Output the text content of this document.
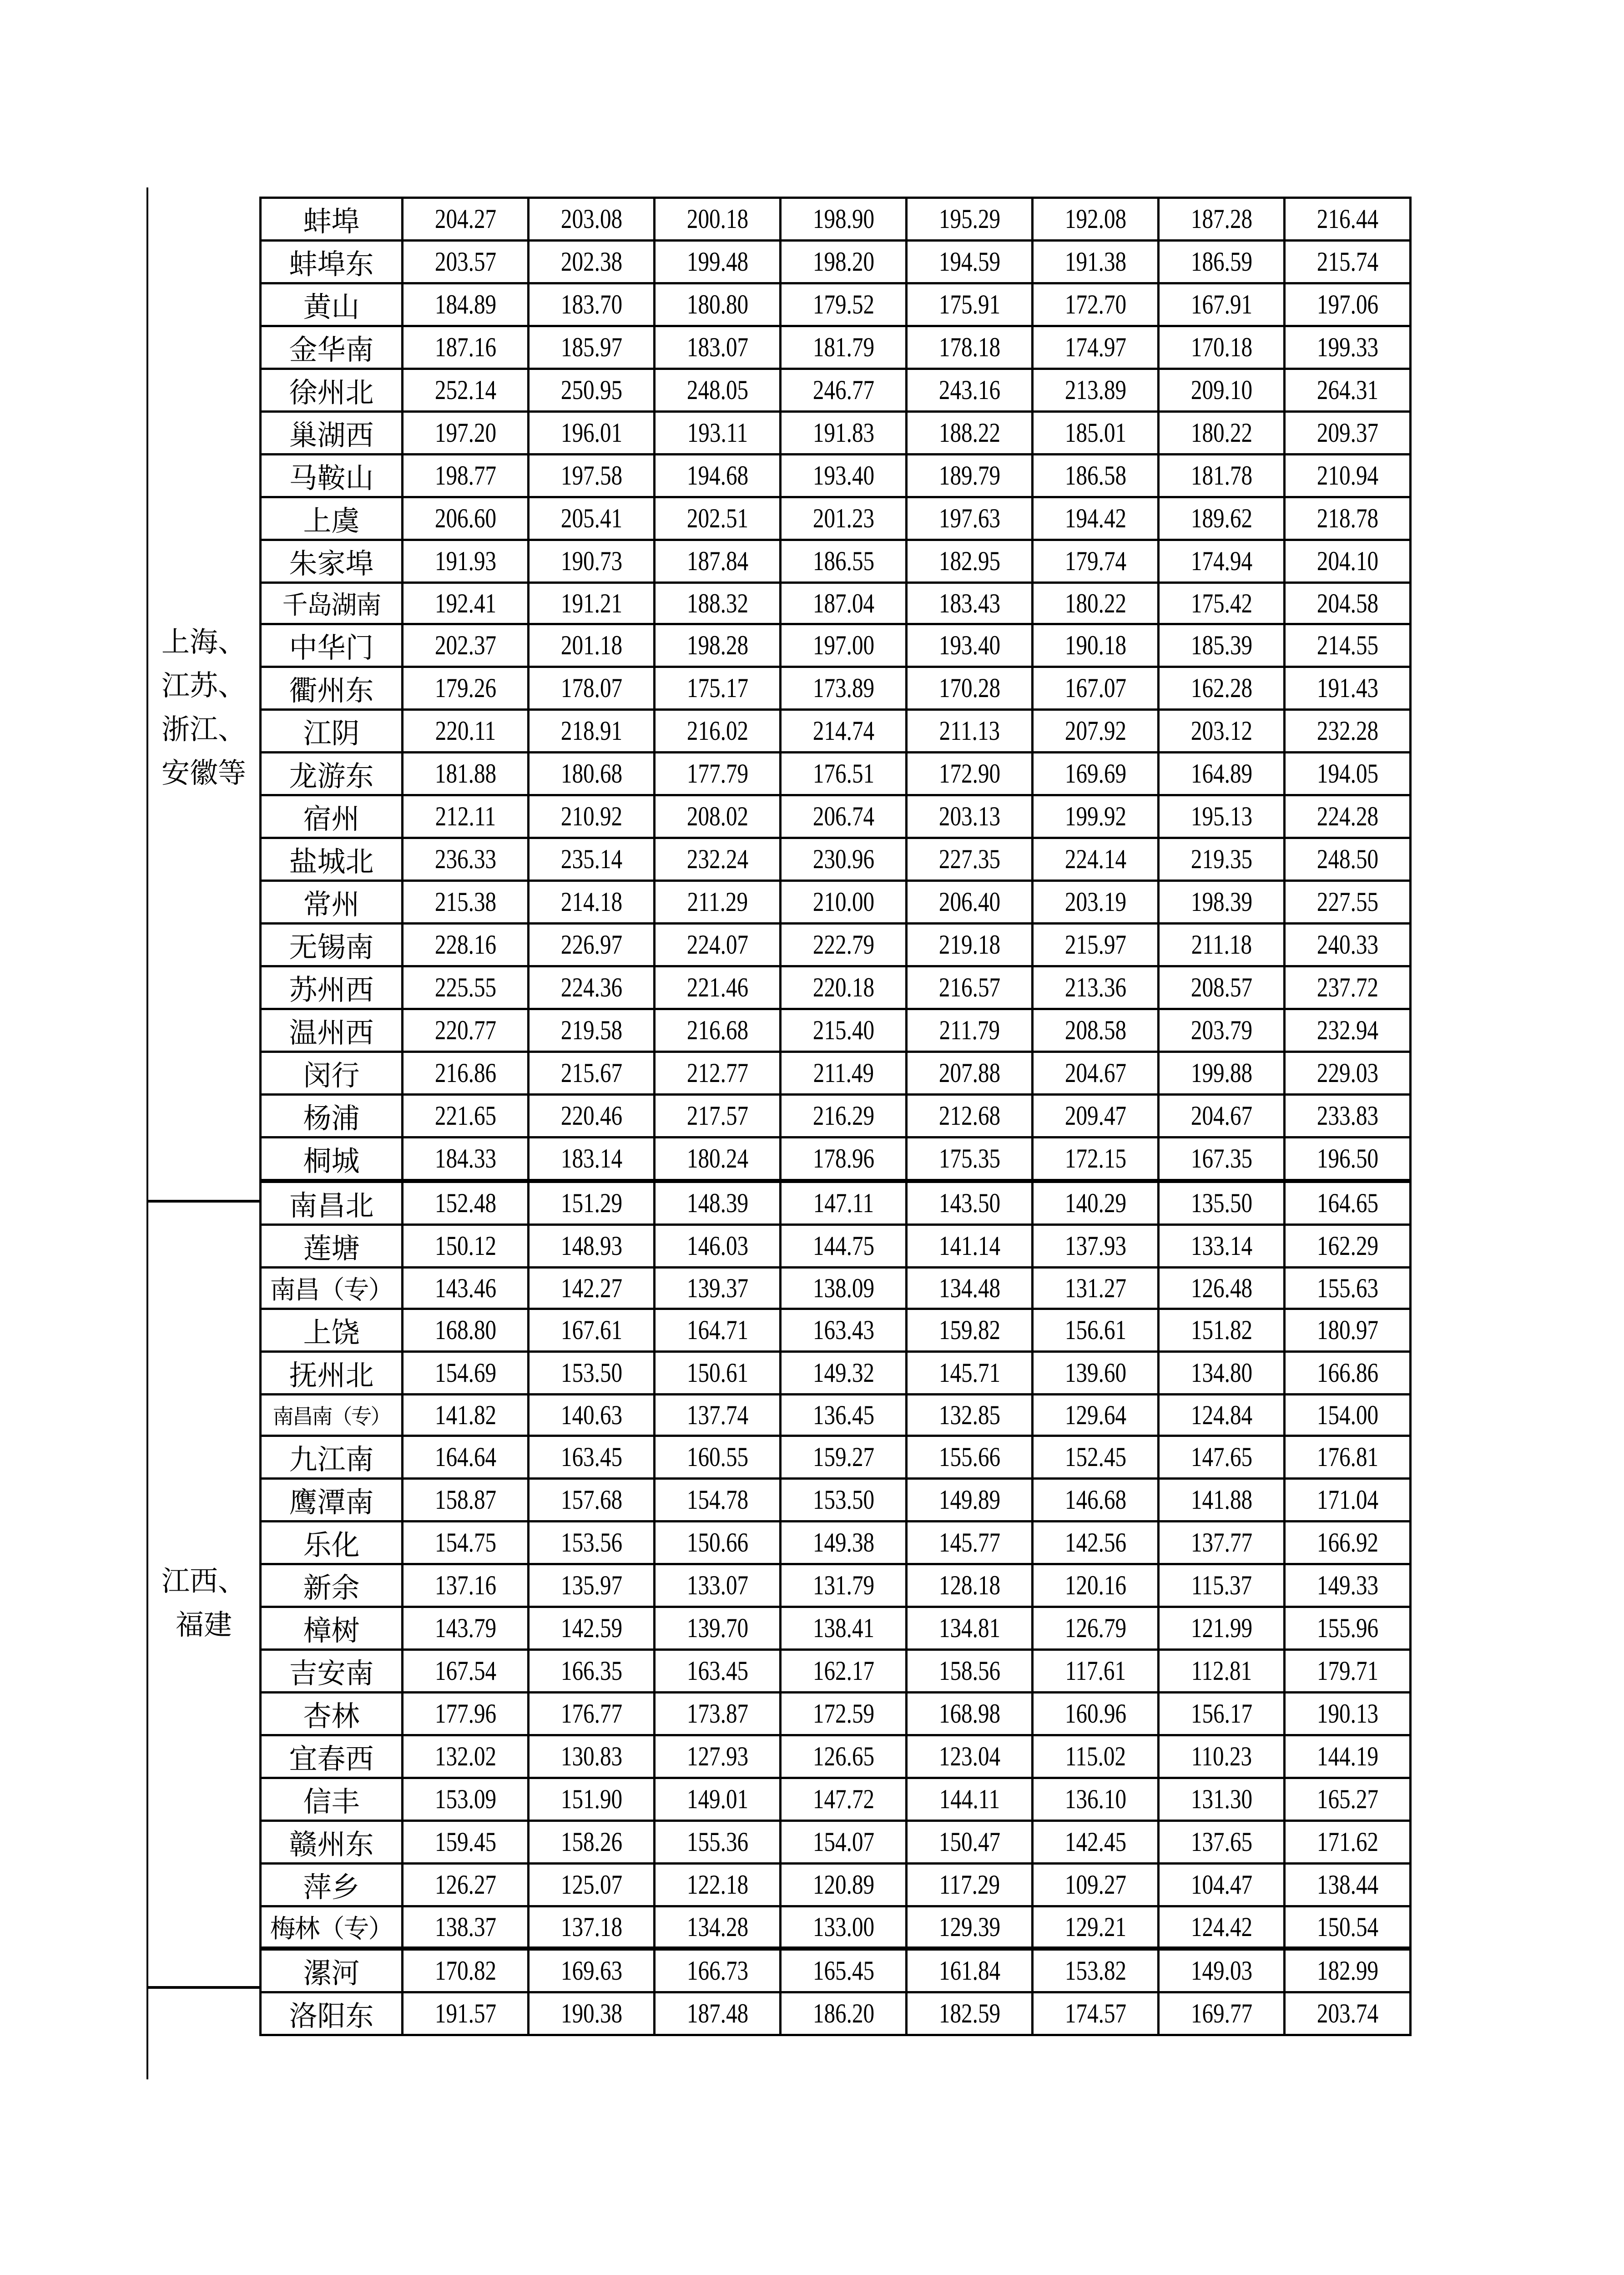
上海、
江苏、
浙江、
安徽等
江西、
福建
蚌埠	204.27	203.08	200.18	198.90	195.29	192.08	187.28	216.44
蚌埠东	203.57	202.38	199.48	198.20	194.59	191.38	186.59	215.74
黄山	184.89	183.70	180.80	179.52	175.91	172.70	167.91	197.06
金华南	187.16	185.97	183.07	181.79	178.18	174.97	170.18	199.33
徐州北	252.14	250.95	248.05	246.77	243.16	213.89	209.10	264.31
巢湖西	197.20	196.01	193.11	191.83	188.22	185.01	180.22	209.37
马鞍山	198.77	197.58	194.68	193.40	189.79	186.58	181.78	210.94
上虞	206.60	205.41	202.51	201.23	197.63	194.42	189.62	218.78
朱家埠	191.93	190.73	187.84	186.55	182.95	179.74	174.94	204.10
千岛湖南	192.41	191.21	188.32	187.04	183.43	180.22	175.42	204.58
中华门	202.37	201.18	198.28	197.00	193.40	190.18	185.39	214.55
衢州东	179.26	178.07	175.17	173.89	170.28	167.07	162.28	191.43
江阴	220.11	218.91	216.02	214.74	211.13	207.92	203.12	232.28
龙游东	181.88	180.68	177.79	176.51	172.90	169.69	164.89	194.05
宿州	212.11	210.92	208.02	206.74	203.13	199.92	195.13	224.28
盐城北	236.33	235.14	232.24	230.96	227.35	224.14	219.35	248.50
常州	215.38	214.18	211.29	210.00	206.40	203.19	198.39	227.55
无锡南	228.16	226.97	224.07	222.79	219.18	215.97	211.18	240.33
苏州西	225.55	224.36	221.46	220.18	216.57	213.36	208.57	237.72
温州西	220.77	219.58	216.68	215.40	211.79	208.58	203.79	232.94
闵行	216.86	215.67	212.77	211.49	207.88	204.67	199.88	229.03
杨浦	221.65	220.46	217.57	216.29	212.68	209.47	204.67	233.83
桐城	184.33	183.14	180.24	178.96	175.35	172.15	167.35	196.50
南昌北	152.48	151.29	148.39	147.11	143.50	140.29	135.50	164.65
莲塘	150.12	148.93	146.03	144.75	141.14	137.93	133.14	162.29
南昌（专）	143.46	142.27	139.37	138.09	134.48	131.27	126.48	155.63
上饶	168.80	167.61	164.71	163.43	159.82	156.61	151.82	180.97
抚州北	154.69	153.50	150.61	149.32	145.71	139.60	134.80	166.86
南昌南（专）	141.82	140.63	137.74	136.45	132.85	129.64	124.84	154.00
九江南	164.64	163.45	160.55	159.27	155.66	152.45	147.65	176.81
鹰潭南	158.87	157.68	154.78	153.50	149.89	146.68	141.88	171.04
乐化	154.75	153.56	150.66	149.38	145.77	142.56	137.77	166.92
新余	137.16	135.97	133.07	131.79	128.18	120.16	115.37	149.33
樟树	143.79	142.59	139.70	138.41	134.81	126.79	121.99	155.96
吉安南	167.54	166.35	163.45	162.17	158.56	117.61	112.81	179.71
杏林	177.96	176.77	173.87	172.59	168.98	160.96	156.17	190.13
宜春西	132.02	130.83	127.93	126.65	123.04	115.02	110.23	144.19
信丰	153.09	151.90	149.01	147.72	144.11	136.10	131.30	165.27
赣州东	159.45	158.26	155.36	154.07	150.47	142.45	137.65	171.62
萍乡	126.27	125.07	122.18	120.89	117.29	109.27	104.47	138.44
梅林（专）	138.37	137.18	134.28	133.00	129.39	129.21	124.42	150.54
漯河	170.82	169.63	166.73	165.45	161.84	153.82	149.03	182.99
洛阳东	191.57	190.38	187.48	186.20	182.59	174.57	169.77	203.74
